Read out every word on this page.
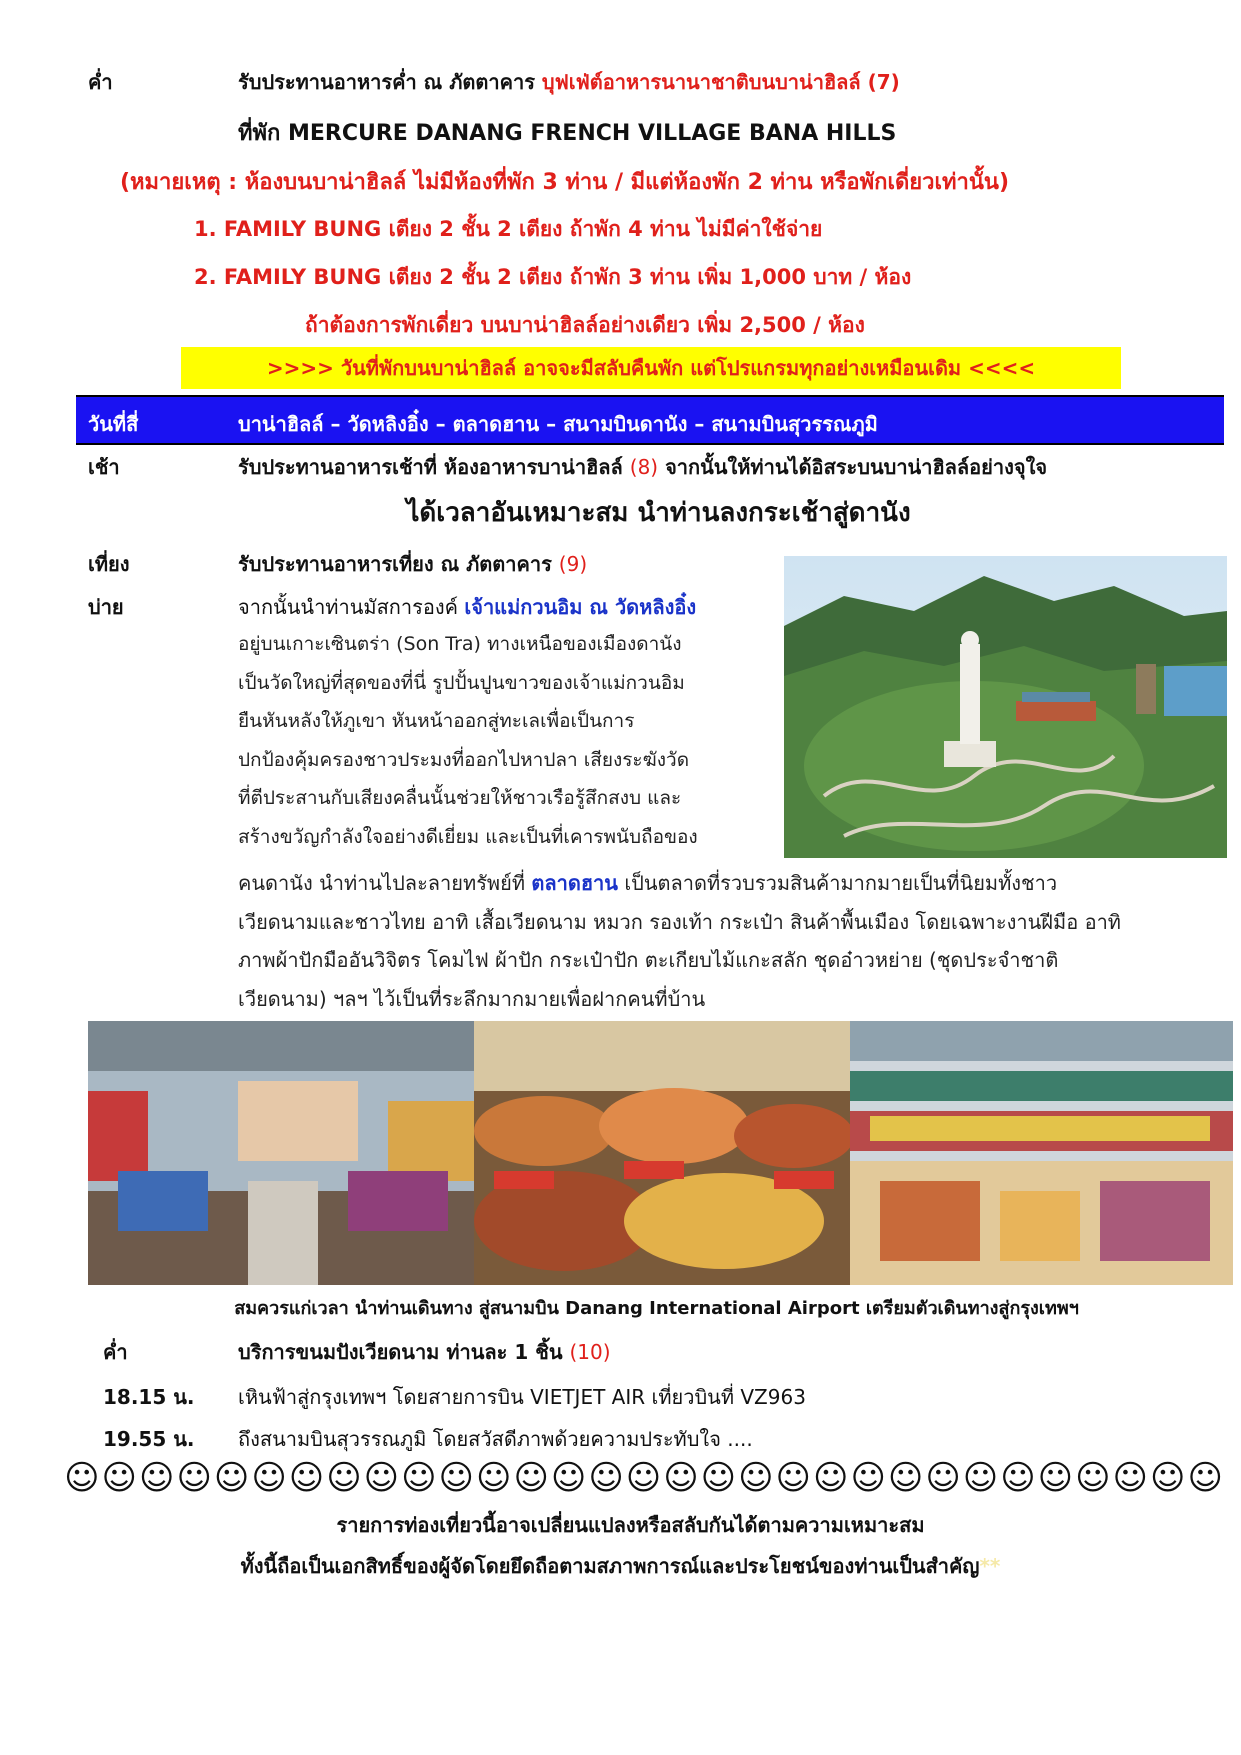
ค่ำ	รับประทานอาหารค่ำ ณ ภัตตาคาร บุฟเฟ่ต์อาหารนานาชาติบนบาน่าฮิลล์ (7)
ที่พัก MERCURE DANANG FRENCH VILLAGE BANA HILLS
(หมายเหตุ : ห้องบนบาน่าฮิลล์ ไม่มีห้องที่พัก 3 ท่าน / มีแต่ห้องพัก 2 ท่าน หรือพักเดี่ยวเท่านั้น)
1. FAMILY BUNG เตียง 2 ชั้น 2 เตียง ถ้าพัก 4 ท่าน ไม่มีค่าใช้จ่าย
2. FAMILY BUNG เตียง 2 ชั้น 2 เตียง ถ้าพัก 3 ท่าน เพิ่ม 1,000 บาท / ห้อง
ถ้าต้องการพักเดี่ยว บนบาน่าฮิลล์อย่างเดียว เพิ่ม 2,500 / ห้อง
>>>> วันที่พักบนบาน่าฮิลล์ อาจจะมีสลับคืนพัก แต่โปรแกรมทุกอย่างเหมือนเดิม <<<<
วันที่สี่	บาน่าฮิลล์ – วัดหลิงอิ๋ง – ตลาดฮาน – สนามบินดานัง – สนามบินสุวรรณภูมิ
เช้า	รับประทานอาหารเช้าที่ ห้องอาหารบาน่าฮิลล์ (8) จากนั้นให้ท่านได้อิสระบนบาน่าฮิลล์อย่างจุใจ
ได้เวลาอันเหมาะสม นำท่านลงกระเช้าสู่ดานัง
เที่ยง	รับประทานอาหารเที่ยง ณ ภัตตาคาร (9)
บ่าย	จากนั้นนำท่านมัสการองค์ เจ้าแม่กวนอิม ณ วัดหลิงอิ๋ง
อยู่บนเกาะเซินตร่า (Son Tra) ทางเหนือของเมืองดานัง
เป็นวัดใหญ่ที่สุดของที่นี่ รูปปั้นปูนขาวของเจ้าแม่กวนอิม
ยืนหันหลังให้ภูเขา หันหน้าออกสู่ทะเลเพื่อเป็นการ
ปกป้องคุ้มครองชาวประมงที่ออกไปหาปลา เสียงระฆังวัด
ที่ตีประสานกับเสียงคลื่นนั้นช่วยให้ชาวเรือรู้สึกสงบ และ
สร้างขวัญกำลังใจอย่างดีเยี่ยม และเป็นที่เคารพนับถือของ
คนดานัง นำท่านไปละลายทรัพย์ที่ ตลาดฮาน เป็นตลาดที่รวบรวมสินค้ามากมายเป็นที่นิยมทั้งชาว
เวียดนามและชาวไทย อาทิ เสื้อเวียดนาม หมวก รองเท้า กระเป๋า สินค้าพื้นเมือง โดยเฉพาะงานฝีมือ อาทิ
ภาพผ้าปักมืออันวิจิตร โคมไฟ ผ้าปัก กระเป๋าปัก ตะเกียบไม้แกะสลัก ชุดอ๋าวหย่าย (ชุดประจำชาติ
เวียดนาม) ฯลฯ ไว้เป็นที่ระลึกมากมายเพื่อฝากคนที่บ้าน
สมควรแก่เวลา นำท่านเดินทาง สู่สนามบิน Danang International Airport เตรียมตัวเดินทางสู่กรุงเทพฯ
ค่ำ	บริการขนมปังเวียดนาม ท่านละ 1 ชิ้น (10)
18.15 น. เหินฟ้าสู่กรุงเทพฯ โดยสายการบิน VIETJET AIR เที่ยวบินที่ VZ963
19.55 น. ถึงสนามบินสุวรรณภูมิ โดยสวัสดีภาพด้วยความประทับใจ ....
☺☺☺☺☺☺☺☺☺☺☺☺☺☺☺☺☺☺☺☺☺☺☺☺☺☺☺☺☺☺☺
รายการท่องเที่ยวนี้อาจเปลี่ยนแปลงหรือสลับกันได้ตามความเหมาะสม
ทั้งนี้ถือเป็นเอกสิทธิ์ของผู้จัดโดยยึดถือตามสภาพการณ์และประโยชน์ของท่านเป็นสำคัญ**
